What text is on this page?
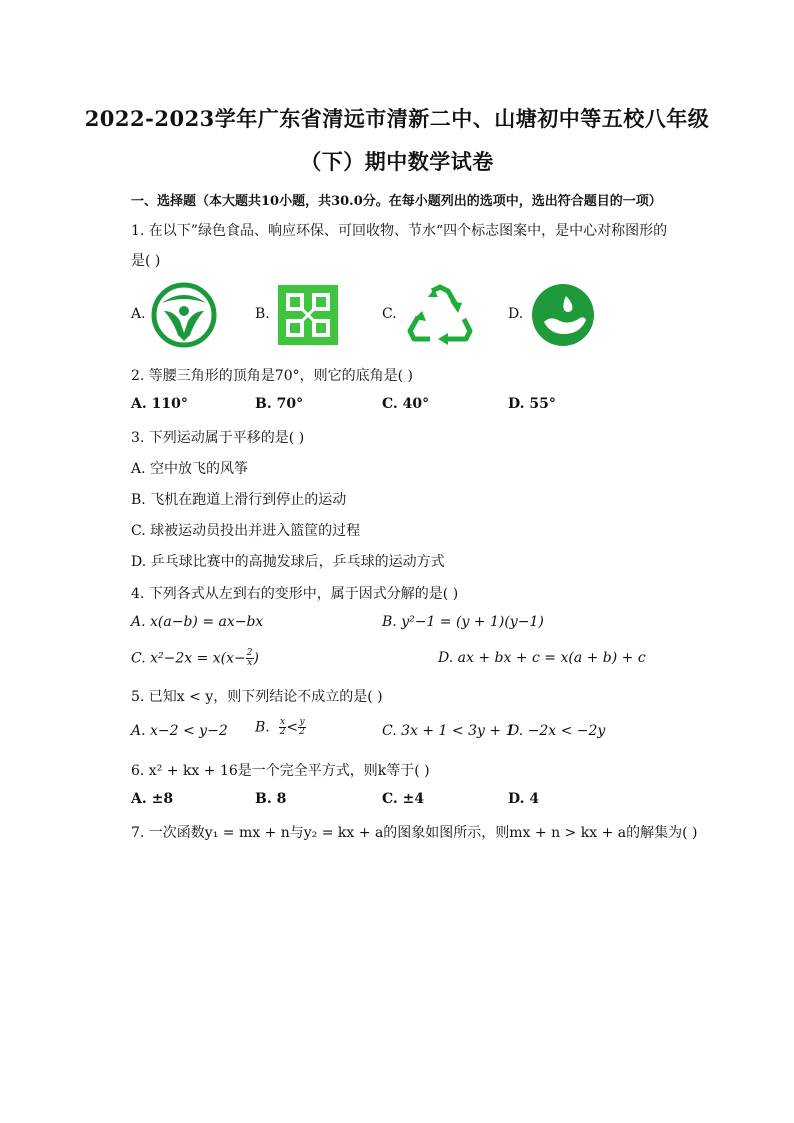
2022-2023学年广东省清远市清新二中、山塘初中等五校八年级
（下）期中数学试卷
一、选择题（本大题共10小题，共30.0分。在每小题列出的选项中，选出符合题目的一项）
1. 在以下”绿色食品、响应环保、可回收物、节水“四个标志图案中，是中心对称图形的
是( )
A.	B.	C.	D.
2. 等腰三角形的顶角是70°，则它的底角是( )
A. 110°	B. 70°	C. 40°	D. 55°
3. 下列运动属于平移的是( )
A. 空中放飞的风筝
B. 飞机在跑道上滑行到停止的运动
C. 球被运动员投出并进入篮筐的过程
D. 乒乓球比赛中的高抛发球后，乒乓球的运动方式
4. 下列各式从左到右的变形中，属于因式分解的是( )
A. x(a−b) = ax−bx	B. y²−1 = (y + 1)(y−1)
C. $x^2-2x = x(x- \frac{2}{x}$ )	D. ax + bx + c = x(a + b) + c
5. 已知x < y，则下列结论不成立的是( )
A. x−2 < y−2 B. $\frac{x}{2} < \frac{y}{2}$	C. 3x + 1 < 3y + 1
D. −2x < −2y
6. x² + kx + 16是一个完全平方式，则k等于( )
A. ±8	B. 8	C. ±4	D. 4
7. 一次函数y₁ = mx + n与y₂ = kx + a的图象如图所示，则mx + n > kx + a的解集为( )
